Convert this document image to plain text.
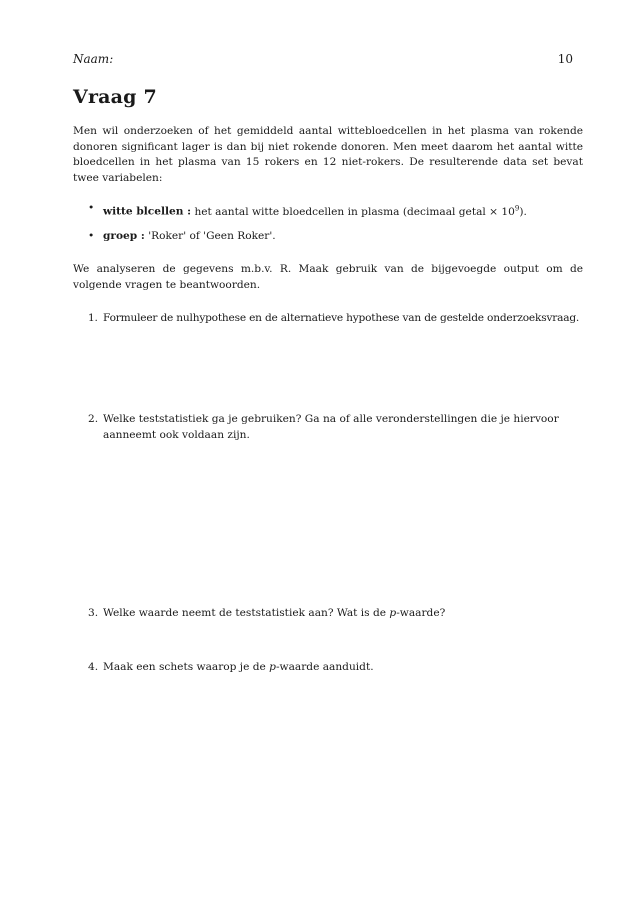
Naam:	10
Vraag 7

Men wil onderzoeken of het gemiddeld aantal wittebloedcellen in het plasma van rokende donoren significant lager is dan bij niet rokende donoren. Men meet daarom het aantal witte bloedcellen in het plasma van 15 rokers en 12 niet-rokers. De resulterende data set bevat twee variabelen:

• witte blcellen : het aantal witte bloedcellen in plasma (decimaal getal × $10^9$).
• groep : 'Roker' of 'Geen Roker'.

We analyseren de gegevens m.b.v. R. Maak gebruik van de bijgevoegde output om de volgende vragen te beantwoorden.

1. Formuleer de nulhypothese en de alternatieve hypothese van de gestelde onderzoeksvraag.
2. Welke teststatistiek ga je gebruiken? Ga na of alle veronderstellingen die je hiervoor aanneemt ook voldaan zijn.
3. Welke waarde neemt de teststatistiek aan? Wat is de p-waarde?
4. Maak een schets waarop je de p-waarde aanduidt.
